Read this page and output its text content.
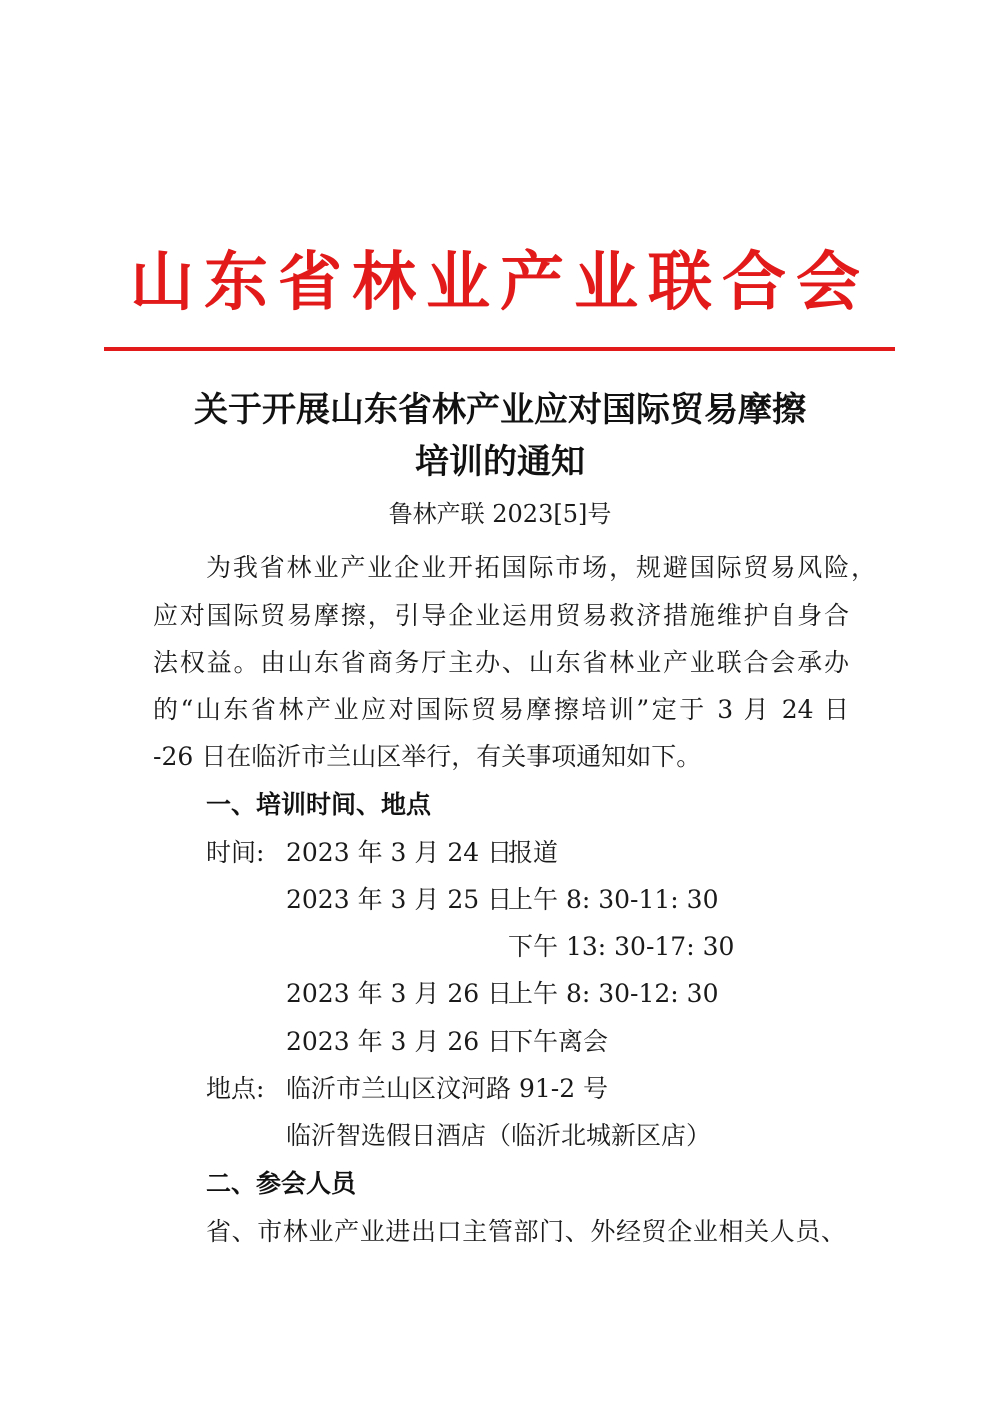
山东省林业产业联合会
关于开展山东省林产业应对国际贸易摩擦
培训的通知
鲁林产联 2023[5]号
为我省林业产业企业开拓国际市场，规避国际贸易风险，
应对国际贸易摩擦，引导企业运用贸易救济措施维护自身合
法权益。由山东省商务厅主办、山东省林业产业联合会承办
的“山东省林产业应对国际贸易摩擦培训”定于 3 月 24 日
-26 日在临沂市兰山区举行，有关事项通知如下。
一、培训时间、地点
时间: 2023 年 3 月 24 日
报道
2023 年 3 月 25 日
上午 8: 30-11: 30
下午 13: 30-17: 30
2023 年 3 月 26 日
上午 8: 30-12: 30
2023 年 3 月 26 日
下午离会
地点: 临沂市兰山区汶河路 91-2 号
临沂智选假日酒店（临沂北城新区店）
二、参会人员
省、市林业产业进出口主管部门、外经贸企业相关人员、
